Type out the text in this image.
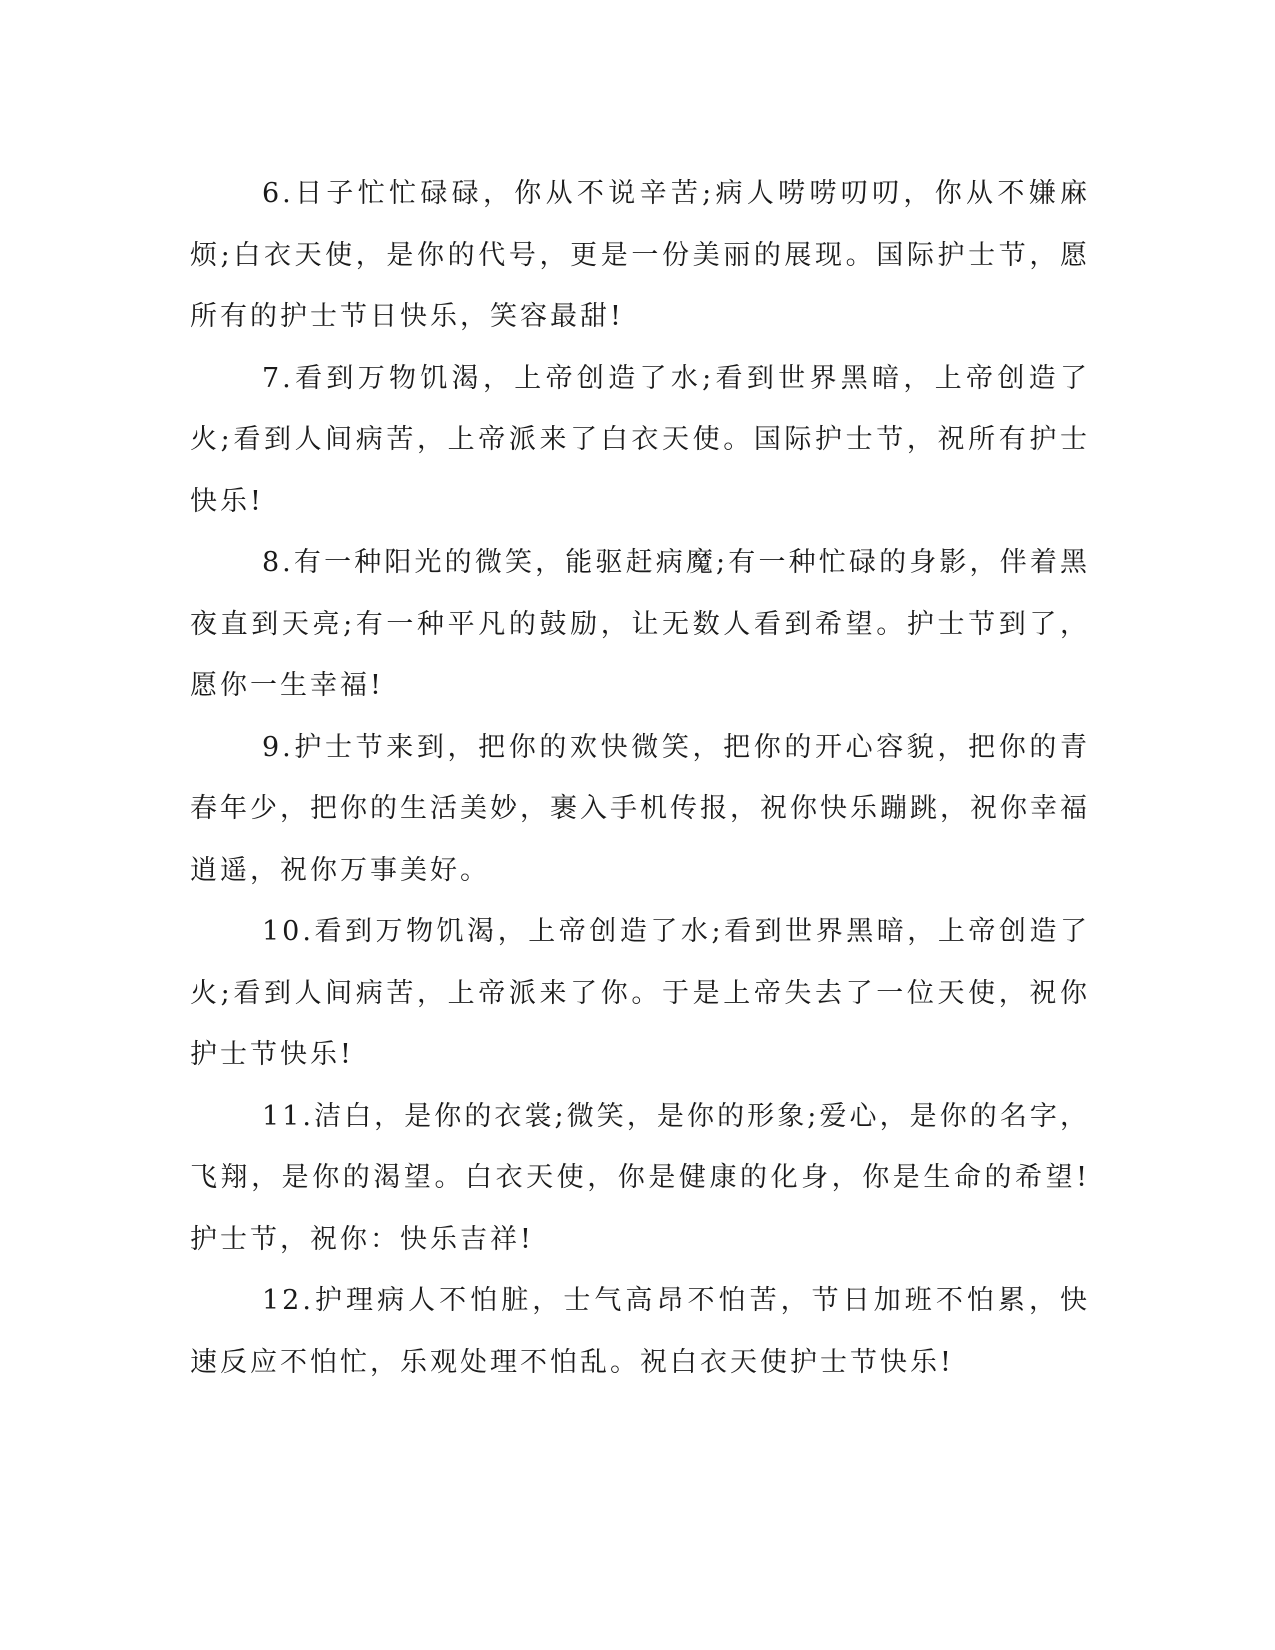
6.日子忙忙碌碌，你从不说辛苦;病人唠唠叨叨，你从不嫌麻烦;白衣天使，是你的代号，更是一份美丽的展现。国际护士节，愿所有的护士节日快乐，笑容最甜!

7.看到万物饥渴，上帝创造了水;看到世界黑暗，上帝创造了火;看到人间病苦，上帝派来了白衣天使。国际护士节，祝所有护士快乐!

8.有一种阳光的微笑，能驱赶病魔;有一种忙碌的身影，伴着黑夜直到天亮;有一种平凡的鼓励，让无数人看到希望。护士节到了，愿你一生幸福!

9.护士节来到，把你的欢快微笑，把你的开心容貌，把你的青春年少，把你的生活美妙，裹入手机传报，祝你快乐蹦跳，祝你幸福逍遥，祝你万事美好。

10.看到万物饥渴，上帝创造了水;看到世界黑暗，上帝创造了火;看到人间病苦，上帝派来了你。于是上帝失去了一位天使，祝你护士节快乐!

11.洁白，是你的衣裳;微笑，是你的形象;爱心，是你的名字，飞翔，是你的渴望。白衣天使，你是健康的化身，你是生命的希望!护士节，祝你：快乐吉祥!

12.护理病人不怕脏，士气高昂不怕苦，节日加班不怕累，快速反应不怕忙，乐观处理不怕乱。祝白衣天使护士节快乐!
